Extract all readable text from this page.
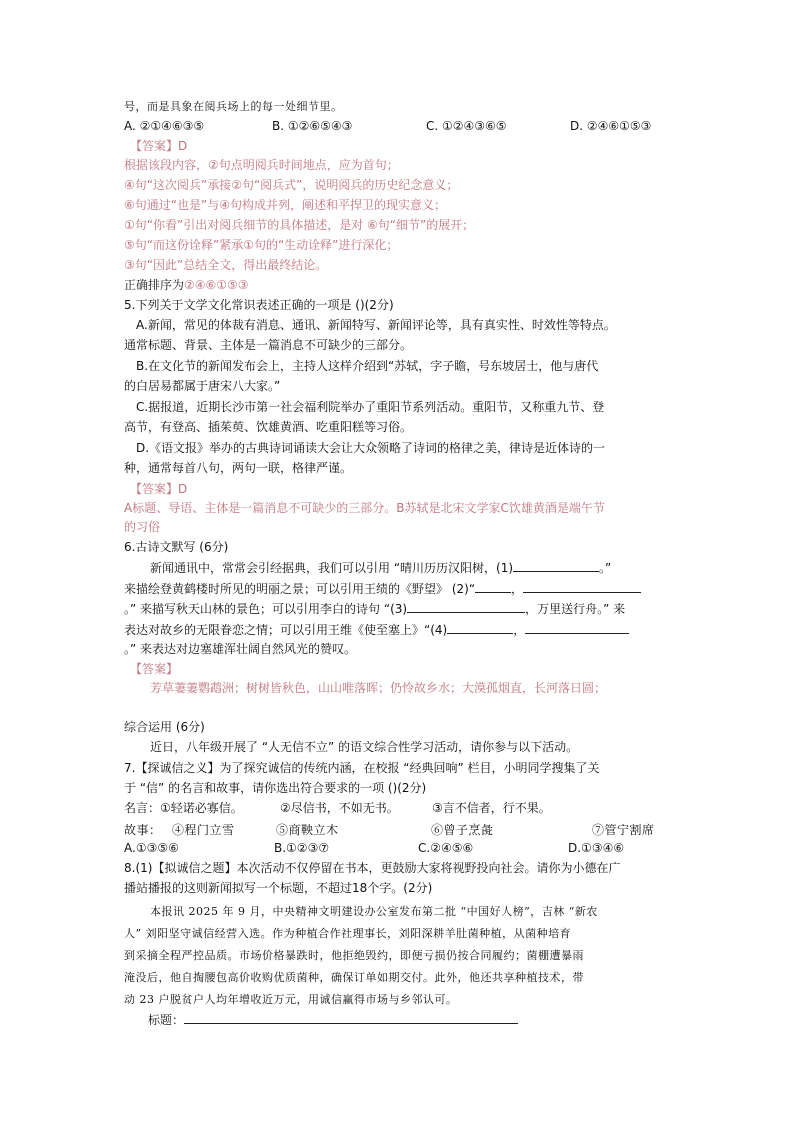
号，而是具象在阅兵场上的每一处细节里。
A. ②①④⑥③⑤	B. ①②⑥⑤④③	C. ①②④③⑥⑤	D. ②④⑥①⑤③
【答案】D
根据该段内容，②句点明阅兵时间地点，应为首句；
④句“这次阅兵”承接②句“阅兵式”，说明阅兵的历史纪念意义；
⑥句通过“也是”与④句构成并列，阐述和平捍卫的现实意义；
①句“你看”引出对阅兵细节的具体描述，是对 ⑥句“细节”的展开；
⑤句“而这份诠释”紧承①句的“生动诠释”进行深化；
③句“因此”总结全文，得出最终结论。
正确排序为②④⑥①⑤③
5.下列关于文学文化常识表述正确的一项是 ()(2分)
A.新闻，常见的体裁有消息、通讯、新闻特写、新闻评论等，具有真实性、时效性等特点。
通常标题、背景、主体是一篇消息不可缺少的三部分。
B.在文化节的新闻发布会上，主持人这样介绍到“苏轼，字子瞻，号东坡居士，他与唐代
的白居易都属于唐宋八大家。”
C.据报道，近期长沙市第一社会福利院举办了重阳节系列活动。重阳节，又称重九节、登
高节，有登高、插茱萸、饮雄黄酒、吃重阳糕等习俗。
D.《语文报》举办的古典诗词诵读大会让大众领略了诗词的格律之美，律诗是近体诗的一
种，通常每首八句，两句一联，格律严谨。
【答案】D
A标题、导语、主体是一篇消息不可缺少的三部分。B苏轼是北宋文学家C饮雄黄酒是端午节
的习俗
6.古诗文默写 (6分)
新闻通讯中，常常会引经据典，我们可以引用 “晴川历历汉阳树，(1)	。”
来描绘登黄鹤楼时所见的明丽之景；可以引用王绩的《野望》 (2)“	，
。” 来描写秋天山林的景色；可以引用李白的诗句 “(3)	，万里送行舟。” 来
表达对故乡的无限眷恋之情；可以引用王维《使至塞上》“(4)	，
。” 来表达对边塞雄浑壮阔自然风光的赞叹。
【答案】
芳草萋萋鹦鹉洲；树树皆秋色，山山唯落晖；仍怜故乡水；大漠孤烟直，长河落日圆；
综合运用 (6分)
近日，八年级开展了 “人无信不立” 的语文综合性学习活动，请你参与以下活动。
7.【探诚信之义】为了探究诚信的传统内涵，在校报 “经典回响” 栏目，小明同学搜集了关
于 “信” 的名言和故事，请你选出符合要求的一项 ()(2分)
名言： ①轻诺必寡信。	②尽信书，不如无书。	③言不信者，行不果。
故事： ④程门立雪	⑤商鞅立木	⑥曾子烹彘	⑦管宁割席
A.①③⑤⑥	B.①②③⑦	C.②④⑤⑥	D.①③④⑥
8.(1)【拟诚信之题】本次活动不仅停留在书本，更鼓励大家将视野投向社会。请你为小德在广
播站播报的这则新闻拟写一个标题，不超过18个字。(2分)
本报讯 2025 年 9 月，中央精神文明建设办公室发布第二批 “中国好人榜”，吉林 “新农
人” 刘阳坚守诚信经营入选。作为种植合作社理事长，刘阳深耕羊肚菌种植，从菌种培育
到采摘全程严控品质。市场价格暴跌时，他拒绝毁约，即便亏损仍按合同履约；菌棚遭暴雨
淹没后，他自掏腰包高价收购优质菌种，确保订单如期交付。此外，他还共享种植技术，带
动 23 户脱贫户人均年增收近万元，用诚信赢得市场与乡邻认可。
标题：
